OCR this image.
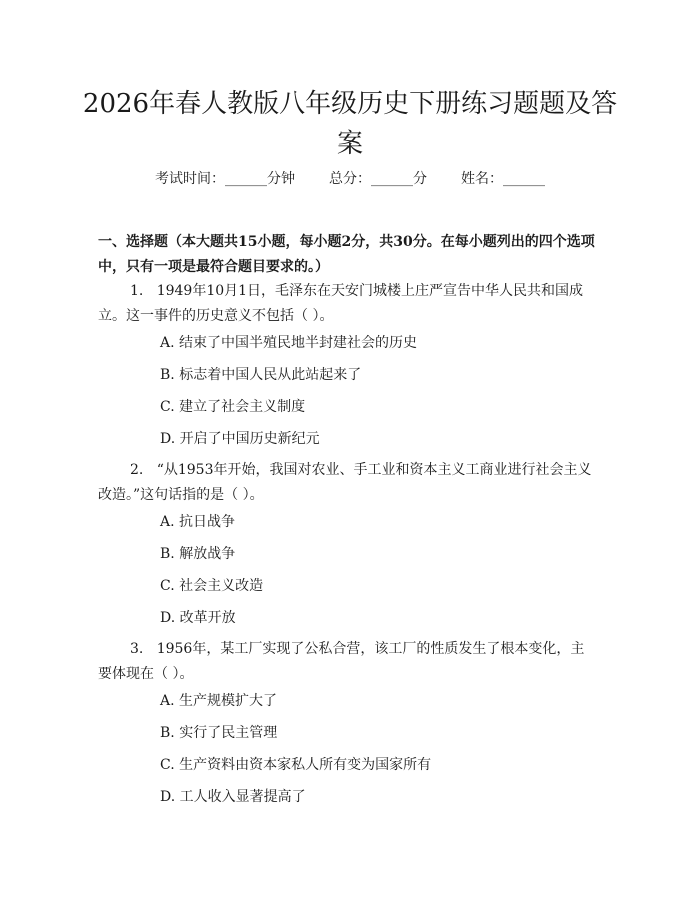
2026年春人教版八年级历史下册练习题题及答案
考试时间：______分钟 总分：______分 姓名：______
一、选择题（本大题共15小题，每小题2分，共30分。在每小题列出的四个选项中，只有一项是最符合题目要求的。）
1.   1949年10月1日，毛泽东在天安门城楼上庄严宣告中华人民共和国成立。这一事件的历史意义不包括（ ）。
A. 结束了中国半殖民地半封建社会的历史
B. 标志着中国人民从此站起来了
C. 建立了社会主义制度
D. 开启了中国历史新纪元
2.   “从1953年开始，我国对农业、手工业和资本主义工商业进行社会主义改造。”这句话指的是（ ）。
A. 抗日战争
B. 解放战争
C. 社会主义改造
D. 改革开放
3.   1956年，某工厂实现了公私合营，该工厂的性质发生了根本变化，主要体现在（ ）。
A. 生产规模扩大了
B. 实行了民主管理
C. 生产资料由资本家私人所有变为国家所有
D. 工人收入显著提高了
